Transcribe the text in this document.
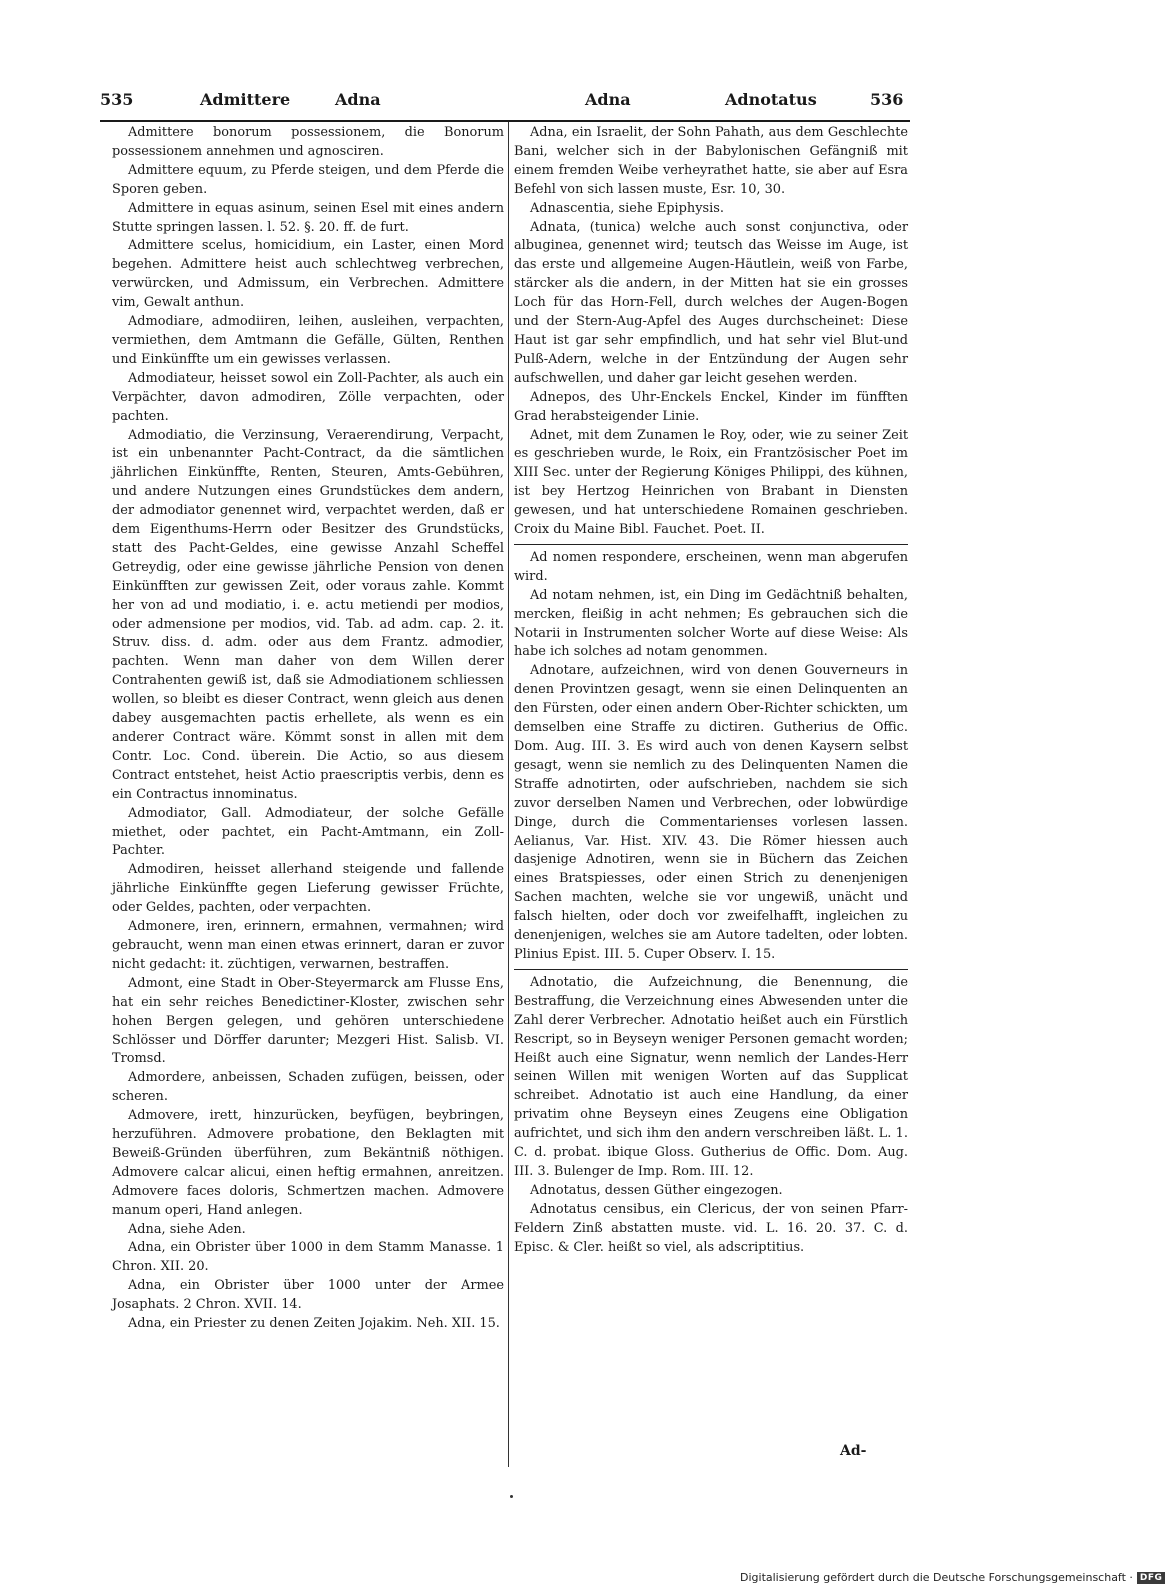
535	Admittere	Adna	Adna	Adnotatus	536

Admittere bonorum possessionem, die Bonorum possessionem annehmen und agnosciren.

Admittere equum, zu Pferde steigen, und dem Pferde die Sporen geben.

Admittere in equas asinum, seinen Esel mit eines andern Stutte springen lassen. l. 52. §. 20. ff. de furt.

Admittere scelus, homicidium, ein Laster, einen Mord begehen. Admittere heist auch schlechtweg verbrechen, verwürcken, und Admissum, ein Verbrechen. Admittere vim, Gewalt anthun.

Admodiare, admodiiren, leihen, ausleihen, verpachten, vermiethen, dem Amtmann die Gefälle, Gülten, Renthen und Einkünffte um ein gewisses verlassen.

Admodiateur, heisset sowol ein Zoll-Pachter, als auch ein Verpächter, davon admodiren, Zölle verpachten, oder pachten.

Admodiatio, die Verzinsung, Veraerendirung, Verpacht, ist ein unbenannter Pacht-Contract, da die sämtlichen jährlichen Einkünffte, Renten, Steuren, Amts-Gebühren, und andere Nutzungen eines Grundstückes dem andern, der admodiator genennet wird, verpachtet werden, daß er dem Eigenthums-Herrn oder Besitzer des Grundstücks, statt des Pacht-Geldes, eine gewisse Anzahl Scheffel Getreydig, oder eine gewisse jährliche Pension von denen Einkünfften zur gewissen Zeit, oder voraus zahle. Kommt her von ad und modiatio, i. e. actu metiendi per modios, oder admensione per modios, vid. Tab. ad adm. cap. 2. it. Struv. diss. d. adm. oder aus dem Frantz. admodier, pachten. Wenn man daher von dem Willen derer Contrahenten gewiß ist, daß sie Admodiationem schliessen wollen, so bleibt es dieser Contract, wenn gleich aus denen dabey ausgemachten pactis erhellete, als wenn es ein anderer Contract wäre. Kömmt sonst in allen mit dem Contr. Loc. Cond. überein. Die Actio, so aus diesem Contract entstehet, heist Actio praescriptis verbis, denn es ein Contractus innominatus.

Admodiator, Gall. Admodiateur, der solche Gefälle miethet, oder pachtet, ein Pacht-Amtmann, ein Zoll-Pachter.

Admodiren, heisset allerhand steigende und fallende jährliche Einkünffte gegen Lieferung gewisser Früchte, oder Geldes, pachten, oder verpachten.

Admonere, iren, erinnern, ermahnen, vermahnen; wird gebraucht, wenn man einen etwas erinnert, daran er zuvor nicht gedacht: it. züchtigen, verwarnen, bestraffen.

Admont, eine Stadt in Ober-Steyermarck am Flusse Ens, hat ein sehr reiches Benedictiner-Kloster, zwischen sehr hohen Bergen gelegen, und gehören unterschiedene Schlösser und Dörffer darunter; Mezgeri Hist. Salisb. VI. Tromsd.

Admordere, anbeissen, Schaden zufügen, beissen, oder scheren.

Admovere, irett, hinzurücken, beyfügen, beybringen, herzuführen. Admovere probatione, den Beklagten mit Beweiß-Gründen überführen, zum Bekäntniß nöthigen. Admovere calcar alicui, einen heftig ermahnen, anreitzen. Admovere faces doloris, Schmertzen machen. Admovere manum operi, Hand anlegen.

Adna, siehe Aden.

Adna, ein Obrister über 1000 in dem Stamm Manasse. 1 Chron. XII. 20.

Adna, ein Obrister über 1000 unter der Armee Josaphats. 2 Chron. XVII. 14.

Adna, ein Priester zu denen Zeiten Jojakim. Neh. XII. 15.

Adna, ein Israelit, der Sohn Pahath, aus dem Geschlechte Bani, welcher sich in der Babylonischen Gefängniß mit einem fremden Weibe verheyrathet hatte, sie aber auf Esra Befehl von sich lassen muste, Esr. 10, 30.

Adnascentia, siehe Epiphysis.

Adnata, (tunica) welche auch sonst conjunctiva, oder albuginea, genennet wird; teutsch das Weisse im Auge, ist das erste und allgemeine Augen-Häutlein, weiß von Farbe, stärcker als die andern, in der Mitten hat sie ein grosses Loch für das Horn-Fell, durch welches der Augen-Bogen und der Stern-Aug-Apfel des Auges durchscheinet: Diese Haut ist gar sehr empfindlich, und hat sehr viel Blut-und Pulß-Adern, welche in der Entzündung der Augen sehr aufschwellen, und daher gar leicht gesehen werden.

Adnepos, des Uhr-Enckels Enckel, Kinder im fünfften Grad herabsteigender Linie.

Adnet, mit dem Zunamen le Roy, oder, wie zu seiner Zeit es geschrieben wurde, le Roix, ein Frantzösischer Poet im XIII Sec. unter der Regierung Königes Philippi, des kühnen, ist bey Hertzog Heinrichen von Brabant in Diensten gewesen, und hat unterschiedene Romainen geschrieben. Croix du Maine Bibl. Fauchet. Poet. II.

Ad nomen respondere, erscheinen, wenn man abgerufen wird.

Ad notam nehmen, ist, ein Ding im Gedächtniß behalten, mercken, fleißig in acht nehmen; Es gebrauchen sich die Notarii in Instrumenten solcher Worte auf diese Weise: Als habe ich solches ad notam genommen.

Adnotare, aufzeichnen, wird von denen Gouverneurs in denen Provintzen gesagt, wenn sie einen Delinquenten an den Fürsten, oder einen andern Ober-Richter schickten, um demselben eine Straffe zu dictiren. Gutherius de Offic. Dom. Aug. III. 3. Es wird auch von denen Kaysern selbst gesagt, wenn sie nemlich zu des Delinquenten Namen die Straffe adnotirten, oder aufschrieben, nachdem sie sich zuvor derselben Namen und Verbrechen, oder lobwürdige Dinge, durch die Commentarienses vorlesen lassen. Aelianus, Var. Hist. XIV. 43. Die Römer hiessen auch dasjenige Adnotiren, wenn sie in Büchern das Zeichen eines Bratspiesses, oder einen Strich zu denenjenigen Sachen machten, welche sie vor ungewiß, unächt und falsch hielten, oder doch vor zweifelhafft, ingleichen zu denenjenigen, welches sie am Autore tadelten, oder lobten. Plinius Epist. III. 5. Cuper Observ. I. 15.

Adnotatio, die Aufzeichnung, die Benennung, die Bestraffung, die Verzeichnung eines Abwesenden unter die Zahl derer Verbrecher. Adnotatio heißet auch ein Fürstlich Rescript, so in Beyseyn weniger Personen gemacht worden; Heißt auch eine Signatur, wenn nemlich der Landes-Herr seinen Willen mit wenigen Worten auf das Supplicat schreibet. Adnotatio ist auch eine Handlung, da einer privatim ohne Beyseyn eines Zeugens eine Obligation aufrichtet, und sich ihm den andern verschreiben läßt. L. 1. C. d. probat. ibique Gloss. Gutherius de Offic. Dom. Aug. III. 3. Bulenger de Imp. Rom. III. 12.

Adnotatus, dessen Güther eingezogen.

Adnotatus censibus, ein Clericus, der von seinen Pfarr-Feldern Zinß abstatten muste. vid. L. 16. 20. 37. C. d. Episc. & Cler. heißt so viel, als adscriptitius.

Ad-
Digitalisierung gefördert durch die Deutsche Forschungsgemeinschaft · DFG
